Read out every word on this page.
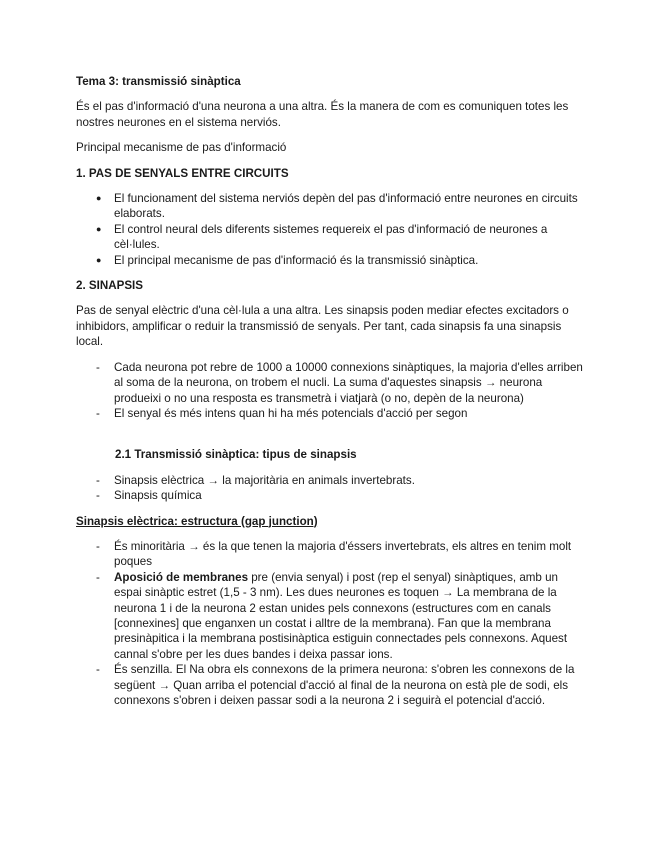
Tema 3: transmissió sinàptica

És el pas d'informació d'una neurona a una altra. És la manera de com es comuniquen totes les nostres neurones en el sistema nerviós.

Principal mecanisme de pas d'informació

1. PAS DE SENYALS ENTRE CIRCUITS

● El funcionament del sistema nerviós depèn del pas d'informació entre neurones en circuits elaborats.
● El control neural dels diferents sistemes requereix el pas d'informació de neurones a cèl·lules.
● El principal mecanisme de pas d'informació és la transmissió sinàptica.

2. SINAPSIS

Pas de senyal elèctric d'una cèl·lula a una altra. Les sinapsis poden mediar efectes excitadors o inhibidors, amplificar o reduir la transmissió de senyals. Per tant, cada sinapsis fa una sinapsis local.

- Cada neurona pot rebre de 1000 a 10000 connexions sinàptiques, la majoria d'elles arriben al soma de la neurona, on trobem el nucli. La suma d'aquestes sinapsis → neurona produeixi o no una resposta es transmetrà i viatjarà (o no, depèn de la neurona)
- El senyal és més intens quan hi ha més potencials d'acció per segon

2.1 Transmissió sinàptica: tipus de sinapsis

- Sinapsis elèctrica → la majoritària en animals invertebrats.
- Sinapsis química

Sinapsis elèctrica: estructura (gap junction)

- És minoritària → és la que tenen la majoria d'éssers invertebrats, els altres en tenim molt poques
- Aposició de membranes pre (envia senyal) i post (rep el senyal) sinàptiques, amb un espai sinàptic estret (1,5 - 3 nm). Les dues neurones es toquen → La membrana de la neurona 1 i de la neurona 2 estan unides pels connexons (estructures com en canals [connexines] que enganxen un costat i alltre de la membrana). Fan que la membrana presinàpitica i la membrana postisinàptica estiguin connectades pels connexons. Aquest cannal s'obre per les dues bandes i deixa passar ions.
- És senzilla. El Na obra els connexons de la primera neurona: s'obren les connexons de la següent → Quan arriba el potencial d'acció al final de la neurona on està ple de sodi, els connexons s'obren i deixen passar sodi a la neurona 2 i seguirà el potencial d'acció.
